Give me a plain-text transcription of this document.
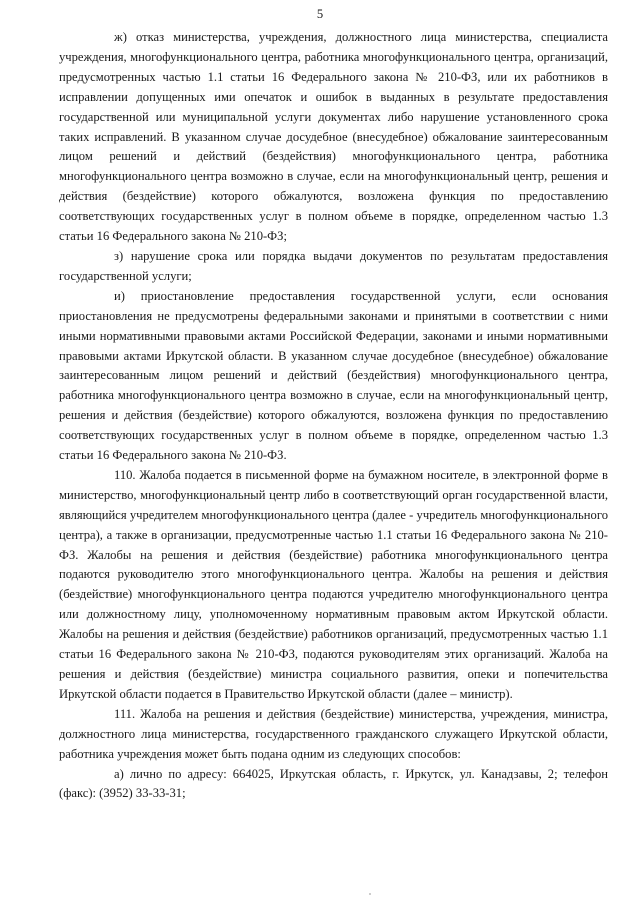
5

ж) отказ министерства, учреждения, должностного лица министерства, специалиста учреждения, многофункционального центра, работника многофункционального центра, организаций, предусмотренных частью 1.1 статьи 16 Федерального закона № 210-ФЗ, или их работников в исправлении допущенных ими опечаток и ошибок в выданных в результате предоставления государственной или муниципальной услуги документах либо нарушение установленного срока таких исправлений. В указанном случае досудебное (внесудебное) обжалование заинтересованным лицом решений и действий (бездействия) многофункционального центра, работника многофункционального центра возможно в случае, если на многофункциональный центр, решения и действия (бездействие) которого обжалуются, возложена функция по предоставлению соответствующих государственных услуг в полном объеме в порядке, определенном частью 1.3 статьи 16 Федерального закона № 210-ФЗ;

з) нарушение срока или порядка выдачи документов по результатам предоставления государственной услуги;

и) приостановление предоставления государственной услуги, если основания приостановления не предусмотрены федеральными законами и принятыми в соответствии с ними иными нормативными правовыми актами Российской Федерации, законами и иными нормативными правовыми актами Иркутской области. В указанном случае досудебное (внесудебное) обжалование заинтересованным лицом решений и действий (бездействия) многофункционального центра, работника многофункционального центра возможно в случае, если на многофункциональный центр, решения и действия (бездействие) которого обжалуются, возложена функция по предоставлению соответствующих государственных услуг в полном объеме в порядке, определенном частью 1.3 статьи 16 Федерального закона № 210-ФЗ.

110. Жалоба подается в письменной форме на бумажном носителе, в электронной форме в министерство, многофункциональный центр либо в соответствующий орган государственной власти, являющийся учредителем многофункционального центра (далее - учредитель многофункционального центра), а также в организации, предусмотренные частью 1.1 статьи 16 Федерального закона № 210-ФЗ. Жалобы на решения и действия (бездействие) работника многофункционального центра подаются руководителю этого многофункционального центра. Жалобы на решения и действия (бездействие) многофункционального центра подаются учредителю многофункционального центра или должностному лицу, уполномоченному нормативным правовым актом Иркутской области. Жалобы на решения и действия (бездействие) работников организаций, предусмотренных частью 1.1 статьи 16 Федерального закона № 210-ФЗ, подаются руководителям этих организаций. Жалоба на решения и действия (бездействие) министра социального развития, опеки и попечительства Иркутской области подается в Правительство Иркутской области (далее – министр).

111. Жалоба на решения и действия (бездействие) министерства, учреждения, министра, должностного лица министерства, государственного гражданского служащего Иркутской области, работника учреждения может быть подана одним из следующих способов:

а) лично по адресу: 664025, Иркутская область, г. Иркутск, ул. Канадзавы, 2; телефон (факс): (3952) 33-33-31;
